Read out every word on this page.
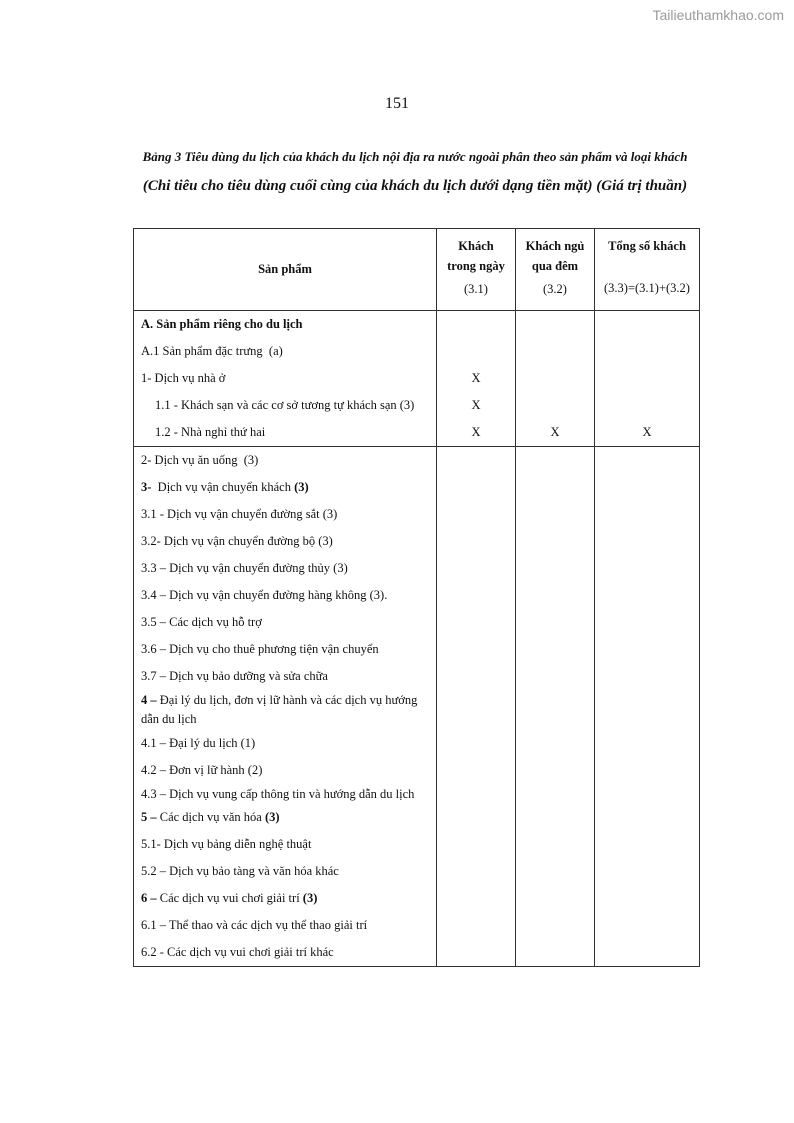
Tailieuthamkhao.com
151
Bảng 3 Tiêu dùng du lịch của khách du lịch nội địa ra nước ngoài phân theo sản phẩm và loại khách
(Chi tiêu cho tiêu dùng cuối cùng của khách du lịch dưới dạng tiền mặt) (Giá trị thuần)
Sản phẩm	Khách
trong ngày
(3.1)	Khách ngủ
qua đêm
(3.2)	Tổng số khách
(3.3)=(3.1)+(3.2)

A. Sản phẩm riêng cho du lịch			
A.1 Sản phẩm đặc trưng  (a)			
1- Dịch vụ nhà ở	X		
1.1 - Khách sạn và các cơ sở tương tự khách sạn (3)	X		
1.2 - Nhà nghỉ thứ hai	X	X	X
2- Dịch vụ ăn uống  (3)			
3-  Dịch vụ vận chuyển khách (3)			
3.1 - Dịch vụ vận chuyển đường sắt (3)			
3.2- Dịch vụ vận chuyển đường bộ (3)			
3.3 – Dịch vụ vận chuyển đường thủy (3)			
3.4 – Dịch vụ vận chuyển đường hàng không (3).			
3.5 – Các dịch vụ hỗ trợ			
3.6 – Dịch vụ cho thuê phương tiện vận chuyển			
3.7 – Dịch vụ bảo dưỡng và sửa chữa			
4 – Đại lý du lịch, đơn vị lữ hành và các dịch vụ hướng dẫn du lịch			
4.1 – Đại lý du lịch (1)			
4.2 – Đơn vị lữ hành (2)			
4.3 – Dịch vụ vung cấp thông tin và hướng dẫn du lịch			
5 – Các dịch vụ văn hóa (3)			
5.1- Dịch vụ bảng diễn nghệ thuật			
5.2 – Dịch vụ bảo tàng và văn hóa khác			
6 – Các dịch vụ vui chơi giải trí (3)			
6.1 – Thể thao và các dịch vụ thể thao giải trí			
6.2 - Các dịch vụ vui chơi giải trí khác			
